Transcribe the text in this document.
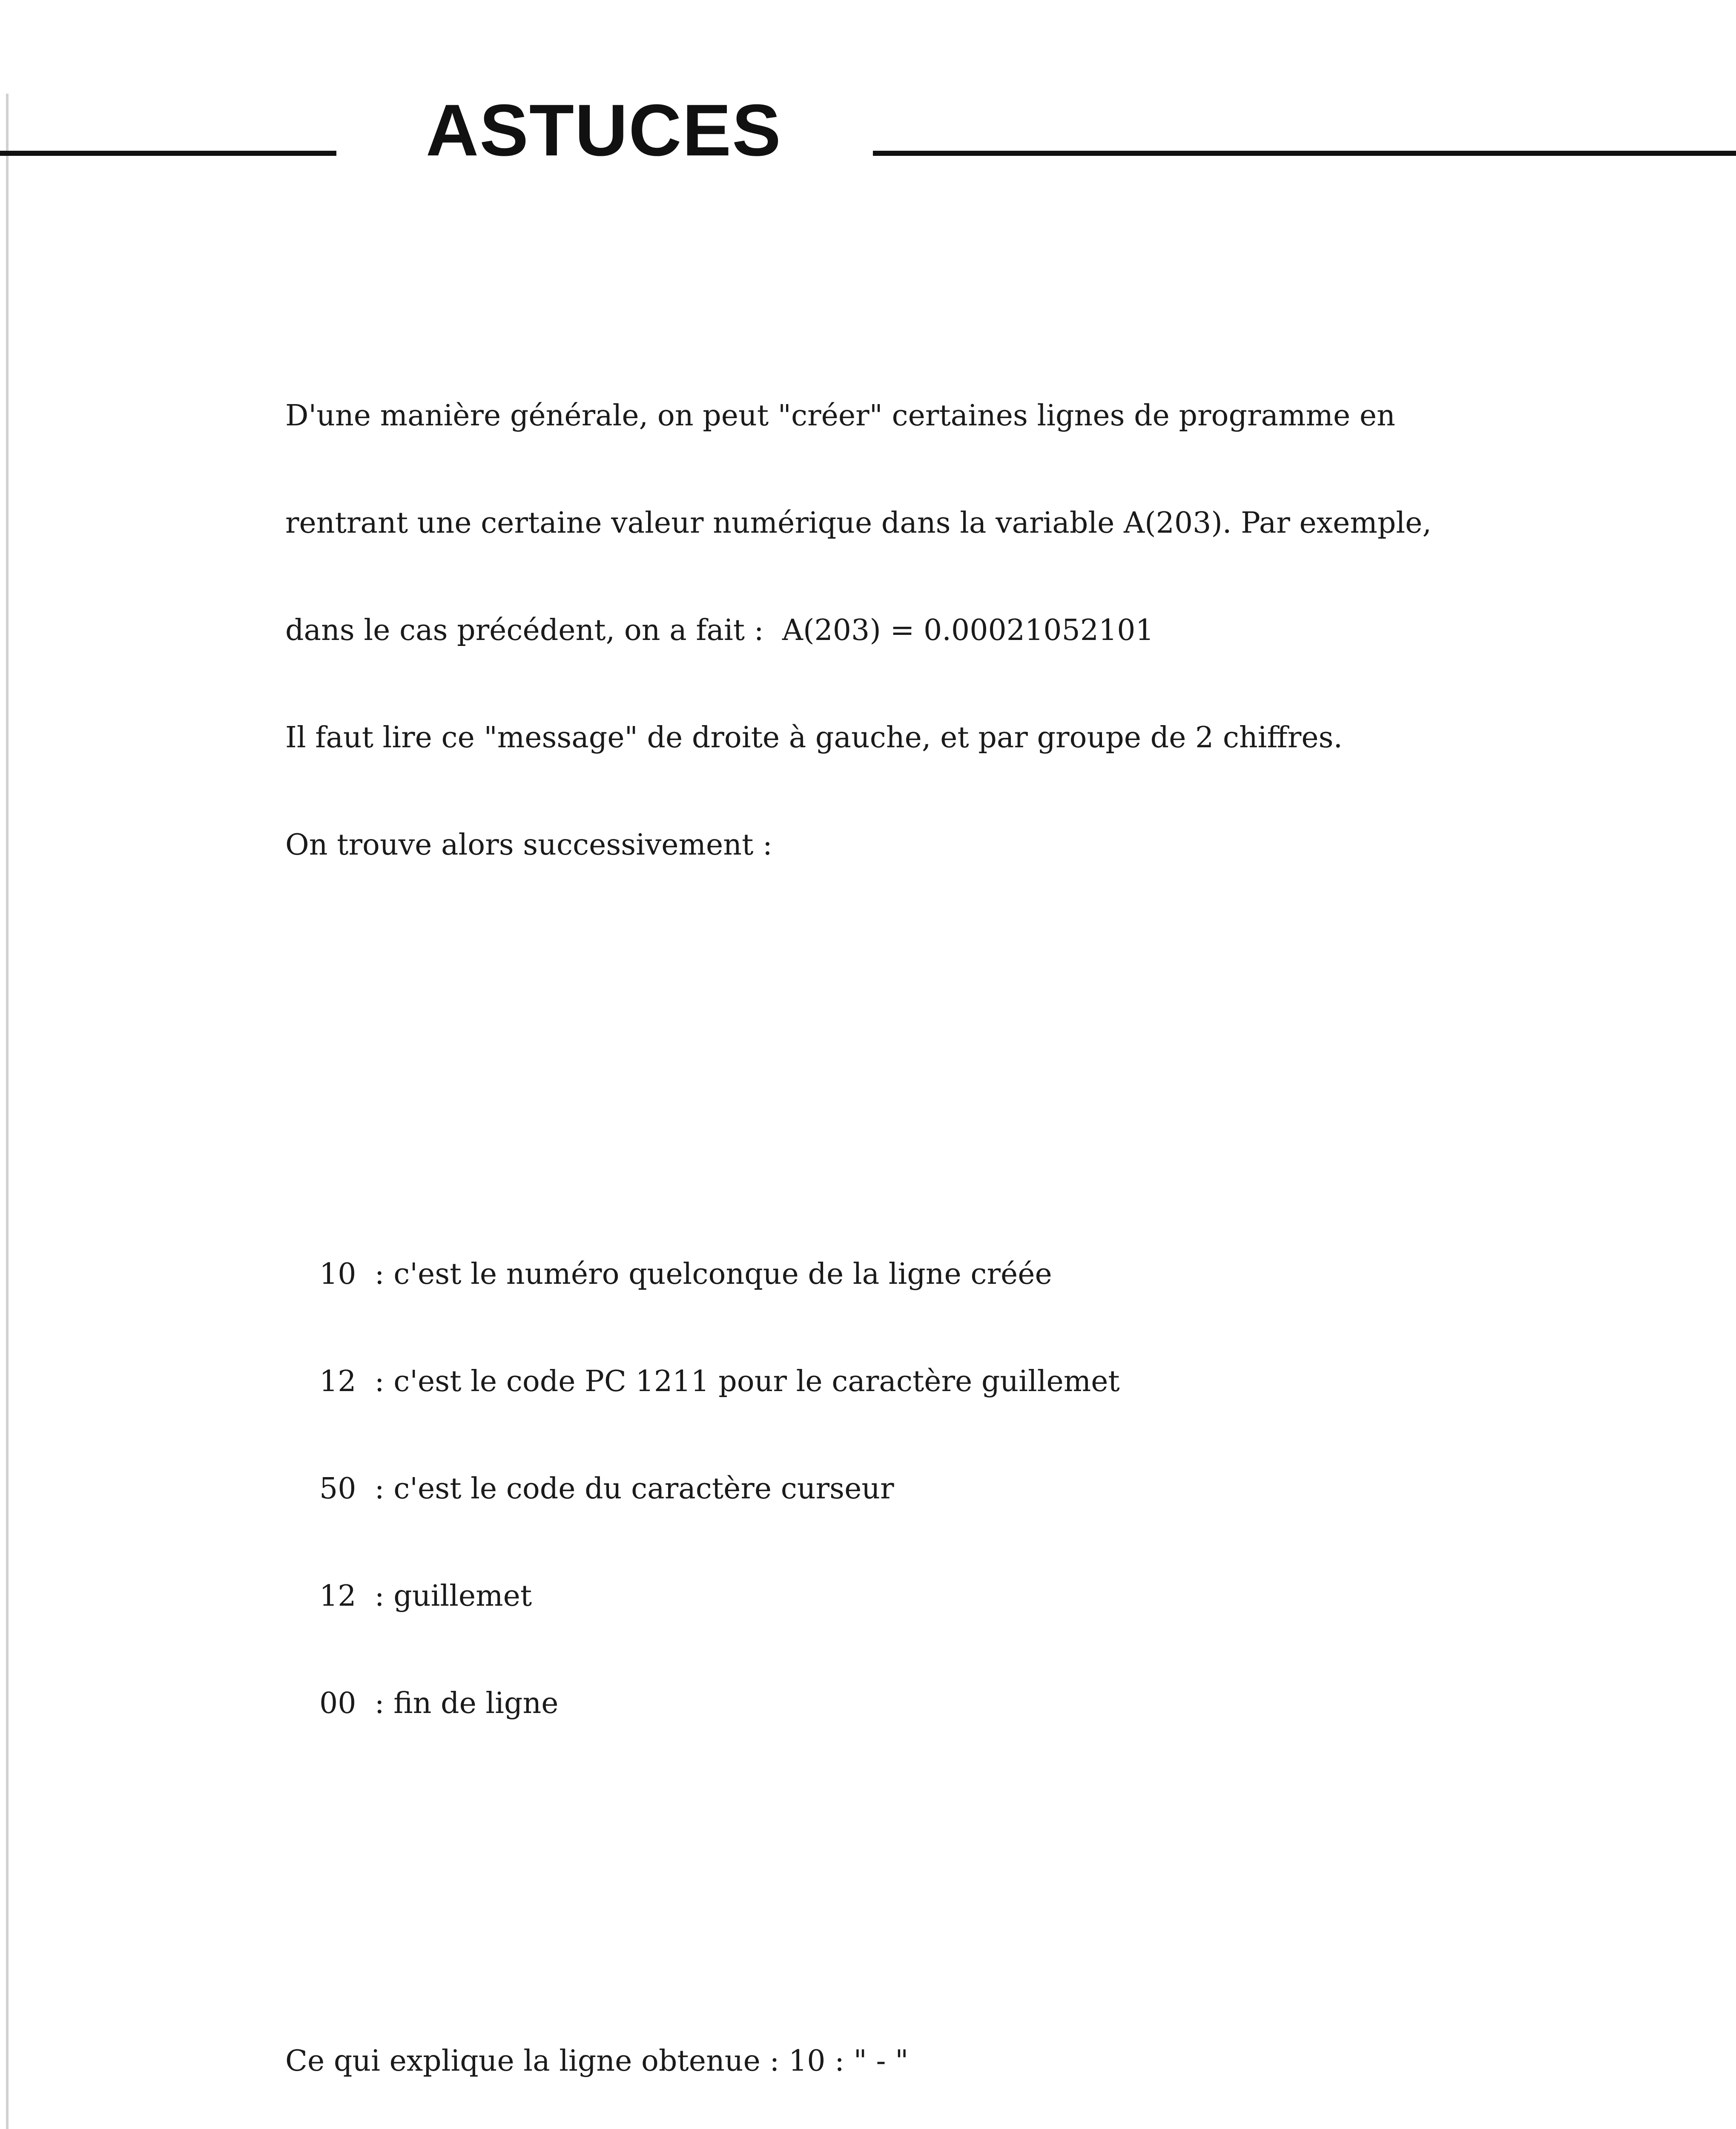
ASTUCES

D'une manière générale, on peut "créer" certaines lignes de programme en

rentrant une certaine valeur numérique dans la variable A(203). Par exemple,

dans le cas précédent, on a fait :  A(203) = 0.00021052101

Il faut lire ce "message" de droite à gauche, et par groupe de 2 chiffres.

On trouve alors successivement :

10  : c'est le numéro quelconque de la ligne créée

12  : c'est le code PC 1211 pour le caractère guillemet

50  : c'est le code du caractère curseur

12  : guillemet

00  : fin de ligne

Ce qui explique la ligne obtenue : 10 : " - "
